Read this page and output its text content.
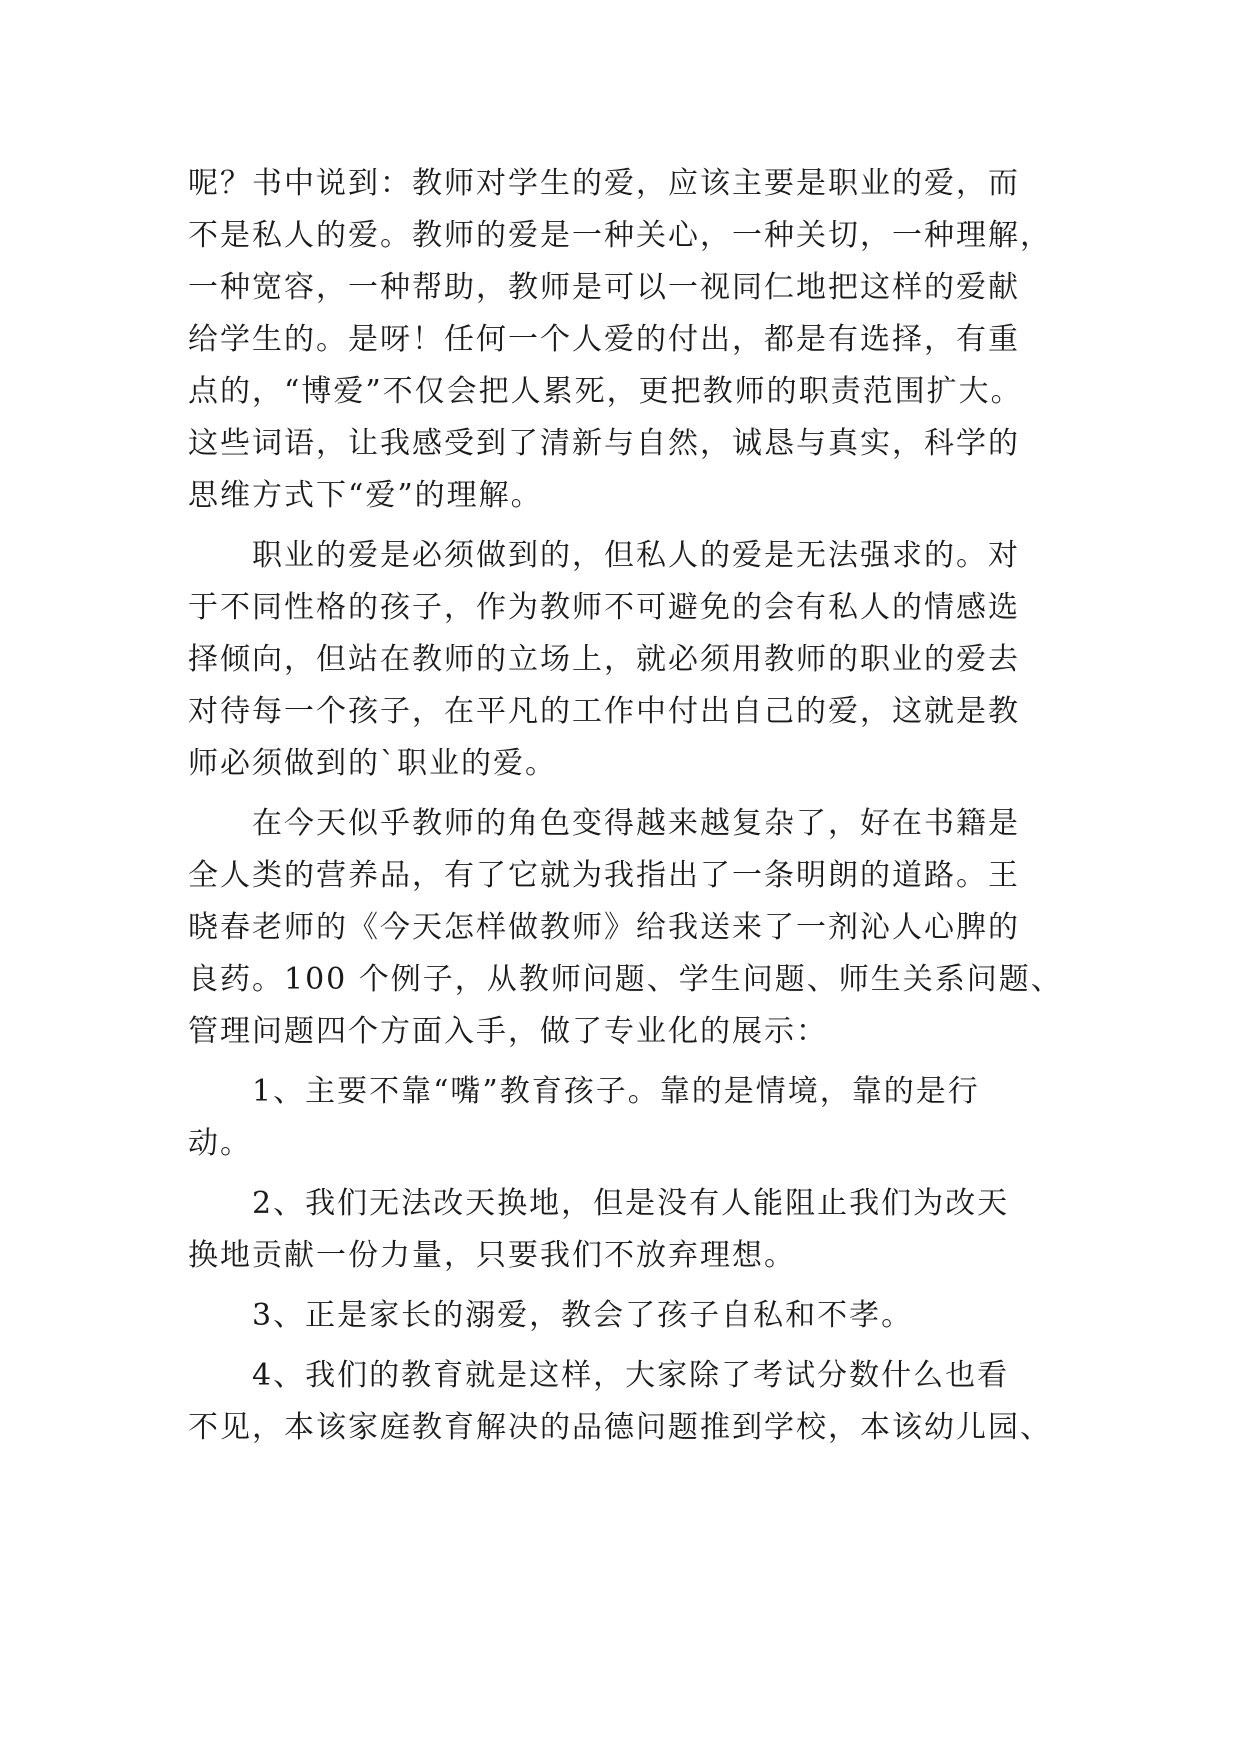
呢？书中说到：教师对学生的爱，应该主要是职业的爱，而
不是私人的爱。教师的爱是一种关心，一种关切，一种理解，
一种宽容，一种帮助，教师是可以一视同仁地把这样的爱献
给学生的。是呀！任何一个人爱的付出，都是有选择，有重
点的，“博爱”不仅会把人累死，更把教师的职责范围扩大。
这些词语，让我感受到了清新与自然，诚恳与真实，科学的
思维方式下“爱”的理解。
职业的爱是必须做到的，但私人的爱是无法强求的。对
于不同性格的孩子，作为教师不可避免的会有私人的情感选
择倾向，但站在教师的立场上，就必须用教师的职业的爱去
对待每一个孩子，在平凡的工作中付出自己的爱，这就是教
师必须做到的`职业的爱。
在今天似乎教师的角色变得越来越复杂了，好在书籍是
全人类的营养品，有了它就为我指出了一条明朗的道路。王
晓春老师的《今天怎样做教师》给我送来了一剂沁人心脾的
良药。100 个例子，从教师问题、学生问题、师生关系问题、
管理问题四个方面入手，做了专业化的展示：
1、主要不靠“嘴”教育孩子。靠的是情境，靠的是行
动。
2、我们无法改天换地，但是没有人能阻止我们为改天
换地贡献一份力量，只要我们不放弃理想。
3、正是家长的溺爱，教会了孩子自私和不孝。
4、我们的教育就是这样，大家除了考试分数什么也看
不见，本该家庭教育解决的品德问题推到学校，本该幼儿园、
